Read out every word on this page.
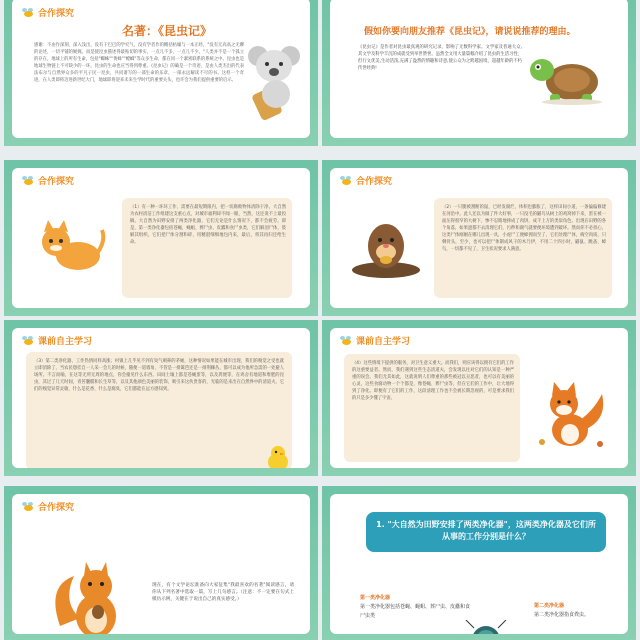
合作探究
名著：《昆虫记》
感谢：不由作深刻、深入浅出，没有干巴巴的学究气，没有学者作的概括枯燥与一本正经，"没有无高高之无聊的论述，一切平铺的娓娓。而是使昆虫描述得最贴切的事实，一点儿不多，一点儿不少。"人类并不是一个孤立的存在，地球上的所有生命，包括"蜘蛛""黄蜂""螳螂"等众多生命，都在同一个紧密联系的系统之中。昆虫也是地球生物链上不可缺少的一环。昆虫的生命也应当得到尊重。《昆虫记》的确是一个奇迹，是由人类杰出的代表法布尔与自然界众多的平凡子民一昆虫，共同谱写的一部生命的乐章，一部永远解读不尽的书。这样一个奇迹，在人类即将迈进新世纪大门，地球即将迎来未来生学时代的重要关头，也许会为我们提供重要的启示。
假如你要向朋友推荐《昆虫记》，请说说推荐的理由。
《昆虫记》是作者对昆虫最真观的研究记录，影响了无数科学家。文学家及普通大众,其文学及科学丰沉的成就受到举世赞誉。虽然全文用大量篇幅介绍了昆虫的生活习性，但行文优美,生动活泼,充满了盎然的情趣和诗意,使公众为之跨越国境，超越年龄的不朽传世经典!
合作探究
（1）有一种一环环工作、需要在最短期限内，把一切腐败物体清除干净。大自然为农村清洁工作组建这支重心点，对城市福利却不闻一眼，当然，这还说不上最投稿。大自然为田野安排了两类净化器，它们无论是什么情况下，都不会疲劳。即是，第一类净化器包括苍蝇，蝇蛆、葬尸虫、皮蠹和食尸虫类，它们解剖尸体，肢解其组织，它们把尸体分割和碎，用精湛细细地包内来，最后，将其再归还给生命。
合作探究
（2）一只腿被割断的鼠，已经发腐烂，体积也膨胀了，这样田间小道，一条偏偏修建在河沿中。此人还以为做了件大好事，一只没毛的鼹鸟从树上的鸡窝掉下来，蛋在被一面压得很窄的大树下，惨不忍睹地摔成了肉饼，成千上万的类似角色。出现在田野的各个角落，如果遮都不去清理它们，污秽和腐气就要便环境遭到破坏。然而你不必担心，这类尸体刚刚在哪儿出现一具，小虎尸工便蜂拥而至了，它们处理尸体，掏空肉质，只剩骨头，至少，也可以把尸体制成风干的木乃伊，不用二十四小时，鼹鼠、跳蚤、蟑鸟，一切都不见了，卫生状况要求人满意。
课前自主学习
（3）第二类净化器，工作热情同样高涨；村镇上几乎见不到有臭气刺鼻的茅厕，这种情况如果能在城市出现，我们的嗅觉之受也就立即消除了，当农民想挂自一人采一会儿的时候，随便一道墙角、不管是一排篱笆还是一排荆棘丛，都可以成为他所急需的一处避人场所。不言而喻，在这等无所无周的地点，你会撞见什么东西。田间土壤上都是苍蝇蛋等，以及粪便等，在鸡舍有地道和堆肥的昆虫，其过了几天时间，青苔囊膜和长生草等，以及其他颜色美丽的装饰，吸引来这伙贵客的，光临的是来出在自然界中的清道夫，它们的嗅觉异常灵敏，什么是花香、什么是腐臭，它们都能在远方感知到。
课前自主学习
（4）这些情境下提供的服务，对卫生意义重大。而我们，则应该得以拥有它们的工作的这重要益者。然而，我们遇到这些生态清道夫，会发现以往对它们的认知是一种严重的误会。我们尤其如此，这就说明人们尊重的那些被冠以丑恶者，也可以有美丽的心灵，这些食腐动物一个个都是，像苍蝇、葬尸虫等，但在它们的工作中，让大地得到了净化。即便有了它们的工作，这段清理工作也不会被长期忽视的，可是要求我们的只是多少懂了宇宙。
合作探究
现在，有个文学论坛准备向大家征集"我最喜欢的名著"阅读感言，请你从下列名著中选取一篇，写上几句感言。（注意：不一定要在句式上模仿示例，关键在于说出自己的真实感受。）
1. "大自然为田野安排了两类净化器"，这两类净化器及它们所从事的工作分别是什么？
第一类净化器
第一类净化器包括苍蝇、蝇蛆、葬尸虫、皮蠹和食尸虫类
第二类净化器
第二类净化器指食粪虫。
